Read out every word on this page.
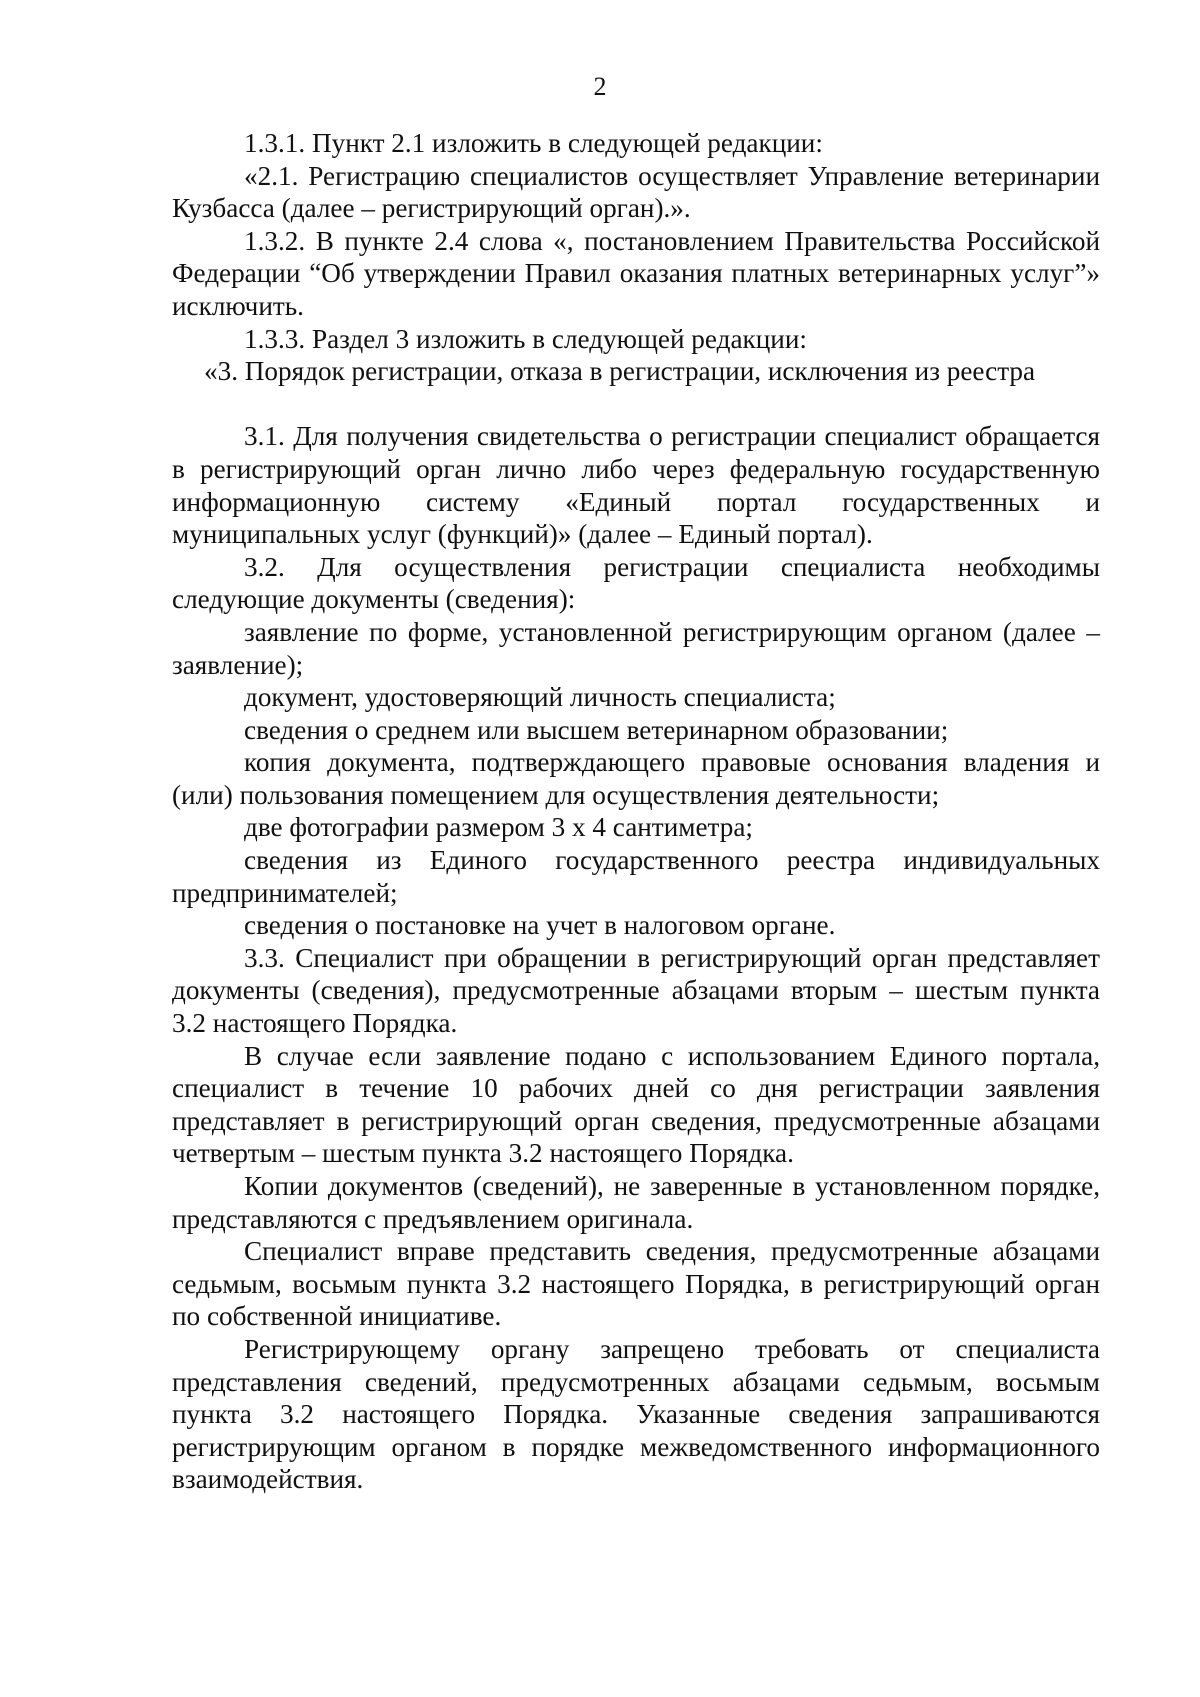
2

1.3.1. Пункт 2.1 изложить в следующей редакции:

«2.1. Регистрацию специалистов осуществляет Управление ветеринарии Кузбасса (далее – регистрирующий орган).».

1.3.2. В пункте 2.4 слова «, постановлением Правительства Российской Федерации “Об утверждении Правил оказания платных ветеринарных услуг”» исключить.

1.3.3. Раздел 3 изложить в следующей редакции:

«3. Порядок регистрации, отказа в регистрации, исключения из реестра

3.1. Для получения свидетельства о регистрации специалист обращается в регистрирующий орган лично либо через федеральную государственную информационную систему «Единый портал государственных и муниципальных услуг (функций)» (далее – Единый портал).

3.2. Для осуществления регистрации специалиста необходимы следующие документы (сведения):

заявление по форме, установленной регистрирующим органом (далее – заявление);

документ, удостоверяющий личность специалиста;

сведения о среднем или высшем ветеринарном образовании;

копия документа, подтверждающего правовые основания владения и (или) пользования помещением для осуществления деятельности;

две фотографии размером 3 х 4 сантиметра;

сведения из Единого государственного реестра индивидуальных предпринимателей;

сведения о постановке на учет в налоговом органе.

3.3. Специалист при обращении в регистрирующий орган представляет документы (сведения), предусмотренные абзацами вторым – шестым пункта 3.2 настоящего Порядка.

В случае если заявление подано с использованием Единого портала, специалист в течение 10 рабочих дней со дня регистрации заявления представляет в регистрирующий орган сведения, предусмотренные абзацами четвертым – шестым пункта 3.2 настоящего Порядка.

Копии документов (сведений), не заверенные в установленном порядке, представляются с предъявлением оригинала.

Специалист вправе представить сведения, предусмотренные абзацами седьмым, восьмым пункта 3.2 настоящего Порядка, в регистрирующий орган по собственной инициативе.

Регистрирующему органу запрещено требовать от специалиста представления сведений, предусмотренных абзацами седьмым, восьмым пункта 3.2 настоящего Порядка. Указанные сведения запрашиваются регистрирующим органом в порядке межведомственного информационного взаимодействия.
